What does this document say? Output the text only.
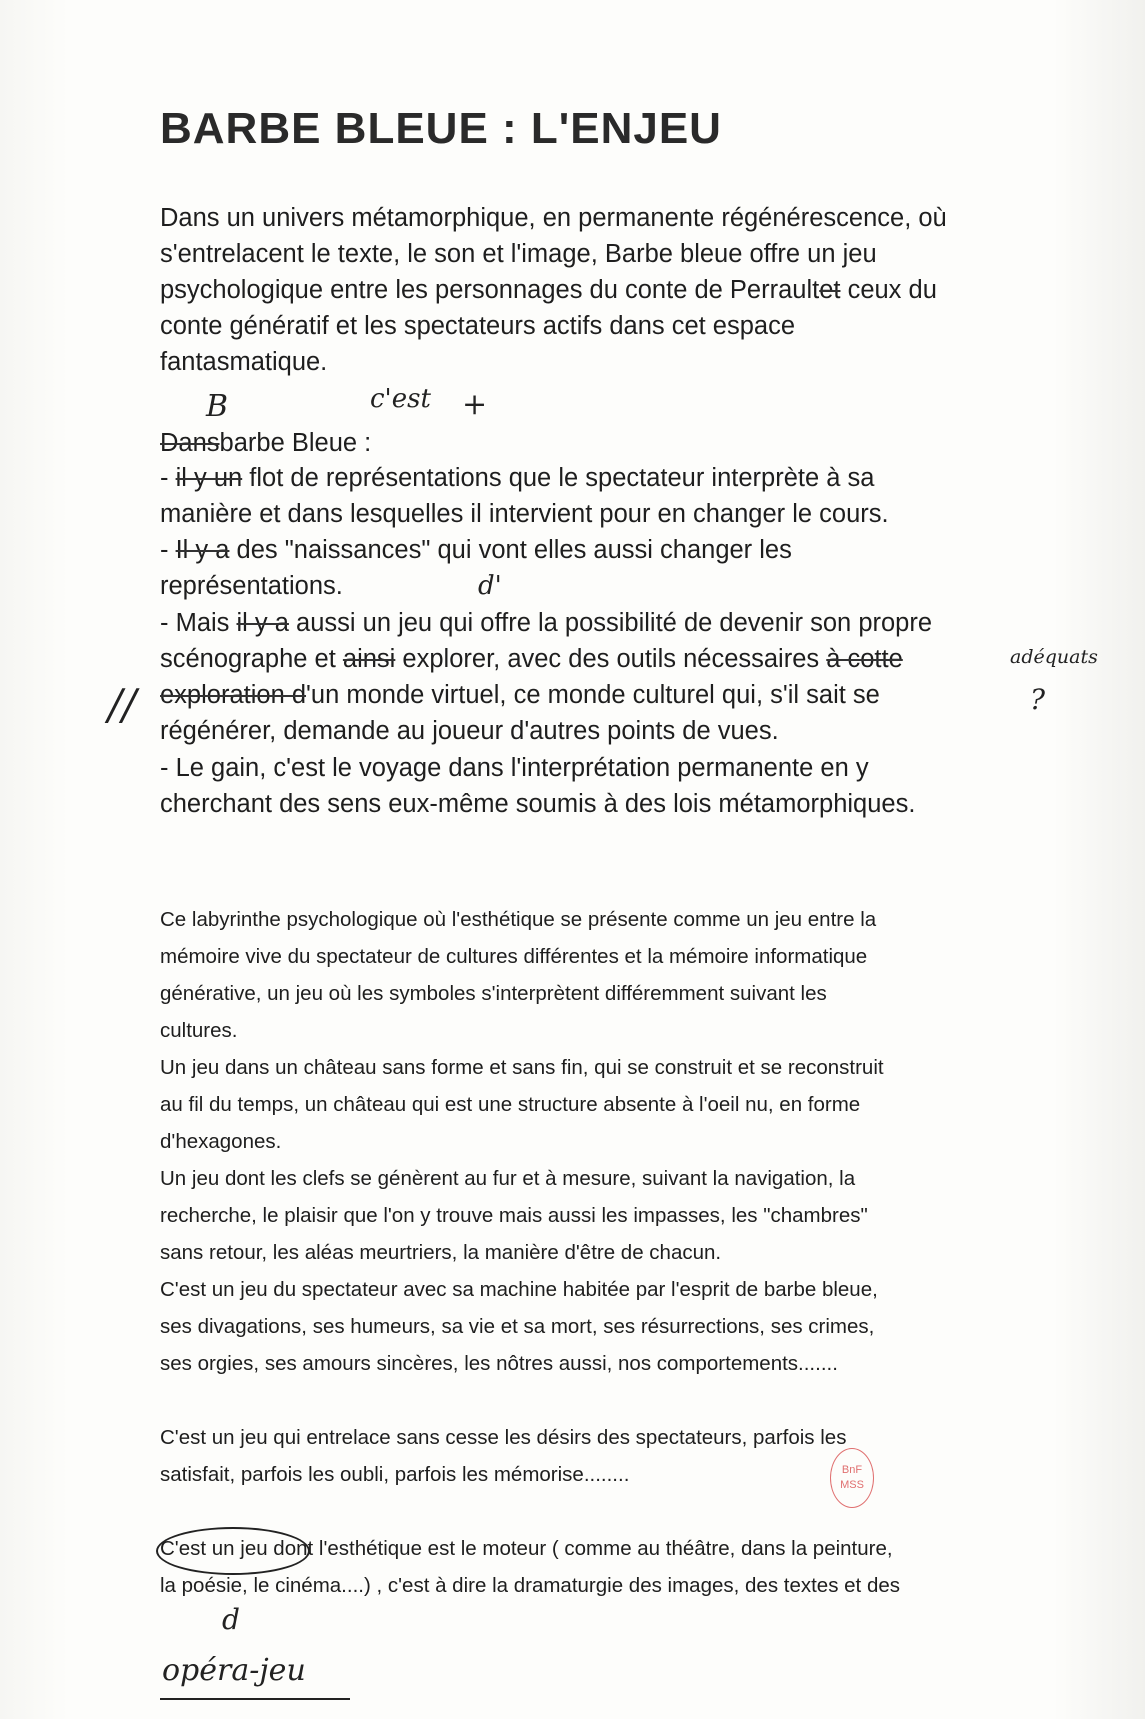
BARBE BLEUE : L'ENJEU
Dans un univers métamorphique, en permanente régénérescence, où
s'entrelacent le texte, le son et l'image, Barbe bleue offre un jeu
psychologique entre les personnages du conte de Perraultet ceux du
conte génératif et les spectateurs actifs dans cet espace
fantasmatique.
Dansbarbe Bleue :
- il y un flot de représentations que le spectateur interprète à sa
manière et dans lesquelles il intervient pour en changer le cours.
- Il y a des "naissances" qui vont elles aussi changer les
représentations.
- Mais il y a aussi un jeu qui offre la possibilité de devenir son propre
scénographe et ainsi explorer, avec des outils nécessaires à cotte
exploration d'un monde virtuel, ce monde culturel qui, s'il sait se
régénérer, demande au joueur d'autres points de vues.
- Le gain, c'est le voyage dans l'interprétation permanente en y
cherchant des sens eux-même soumis à des lois métamorphiques.
Ce labyrinthe psychologique où l'esthétique se présente comme un jeu entre la
mémoire vive du spectateur de cultures différentes et la mémoire informatique
générative, un jeu où les symboles s'interprètent différemment suivant les
cultures.
Un jeu dans un château sans forme et sans fin, qui se construit et se reconstruit
au fil du temps, un château qui est une structure absente à l'oeil nu, en forme
d'hexagones.
Un jeu dont les clefs se génèrent au fur et à mesure, suivant la navigation, la
recherche, le plaisir que l'on y trouve mais aussi les impasses, les "chambres"
sans retour, les aléas meurtriers, la manière d'être de chacun.
C'est un jeu du spectateur avec sa machine habitée par l'esprit de barbe bleue,
ses divagations, ses humeurs, sa vie et sa mort, ses résurrections, ses crimes,
ses orgies, ses amours sincères, les nôtres aussi, nos comportements.......
C'est un jeu qui entrelace sans cesse les désirs des spectateurs, parfois les
satisfait, parfois les oubli, parfois les mémorise........
C'est un jeu dont l'esthétique est le moteur ( comme au théâtre, dans la peinture,
la poésie, le cinéma....) , c'est à dire la dramaturgie des images, des textes et des
c'est +
B
d'
adéquats
?
//
d
opéra-jeu
BnF MSS
